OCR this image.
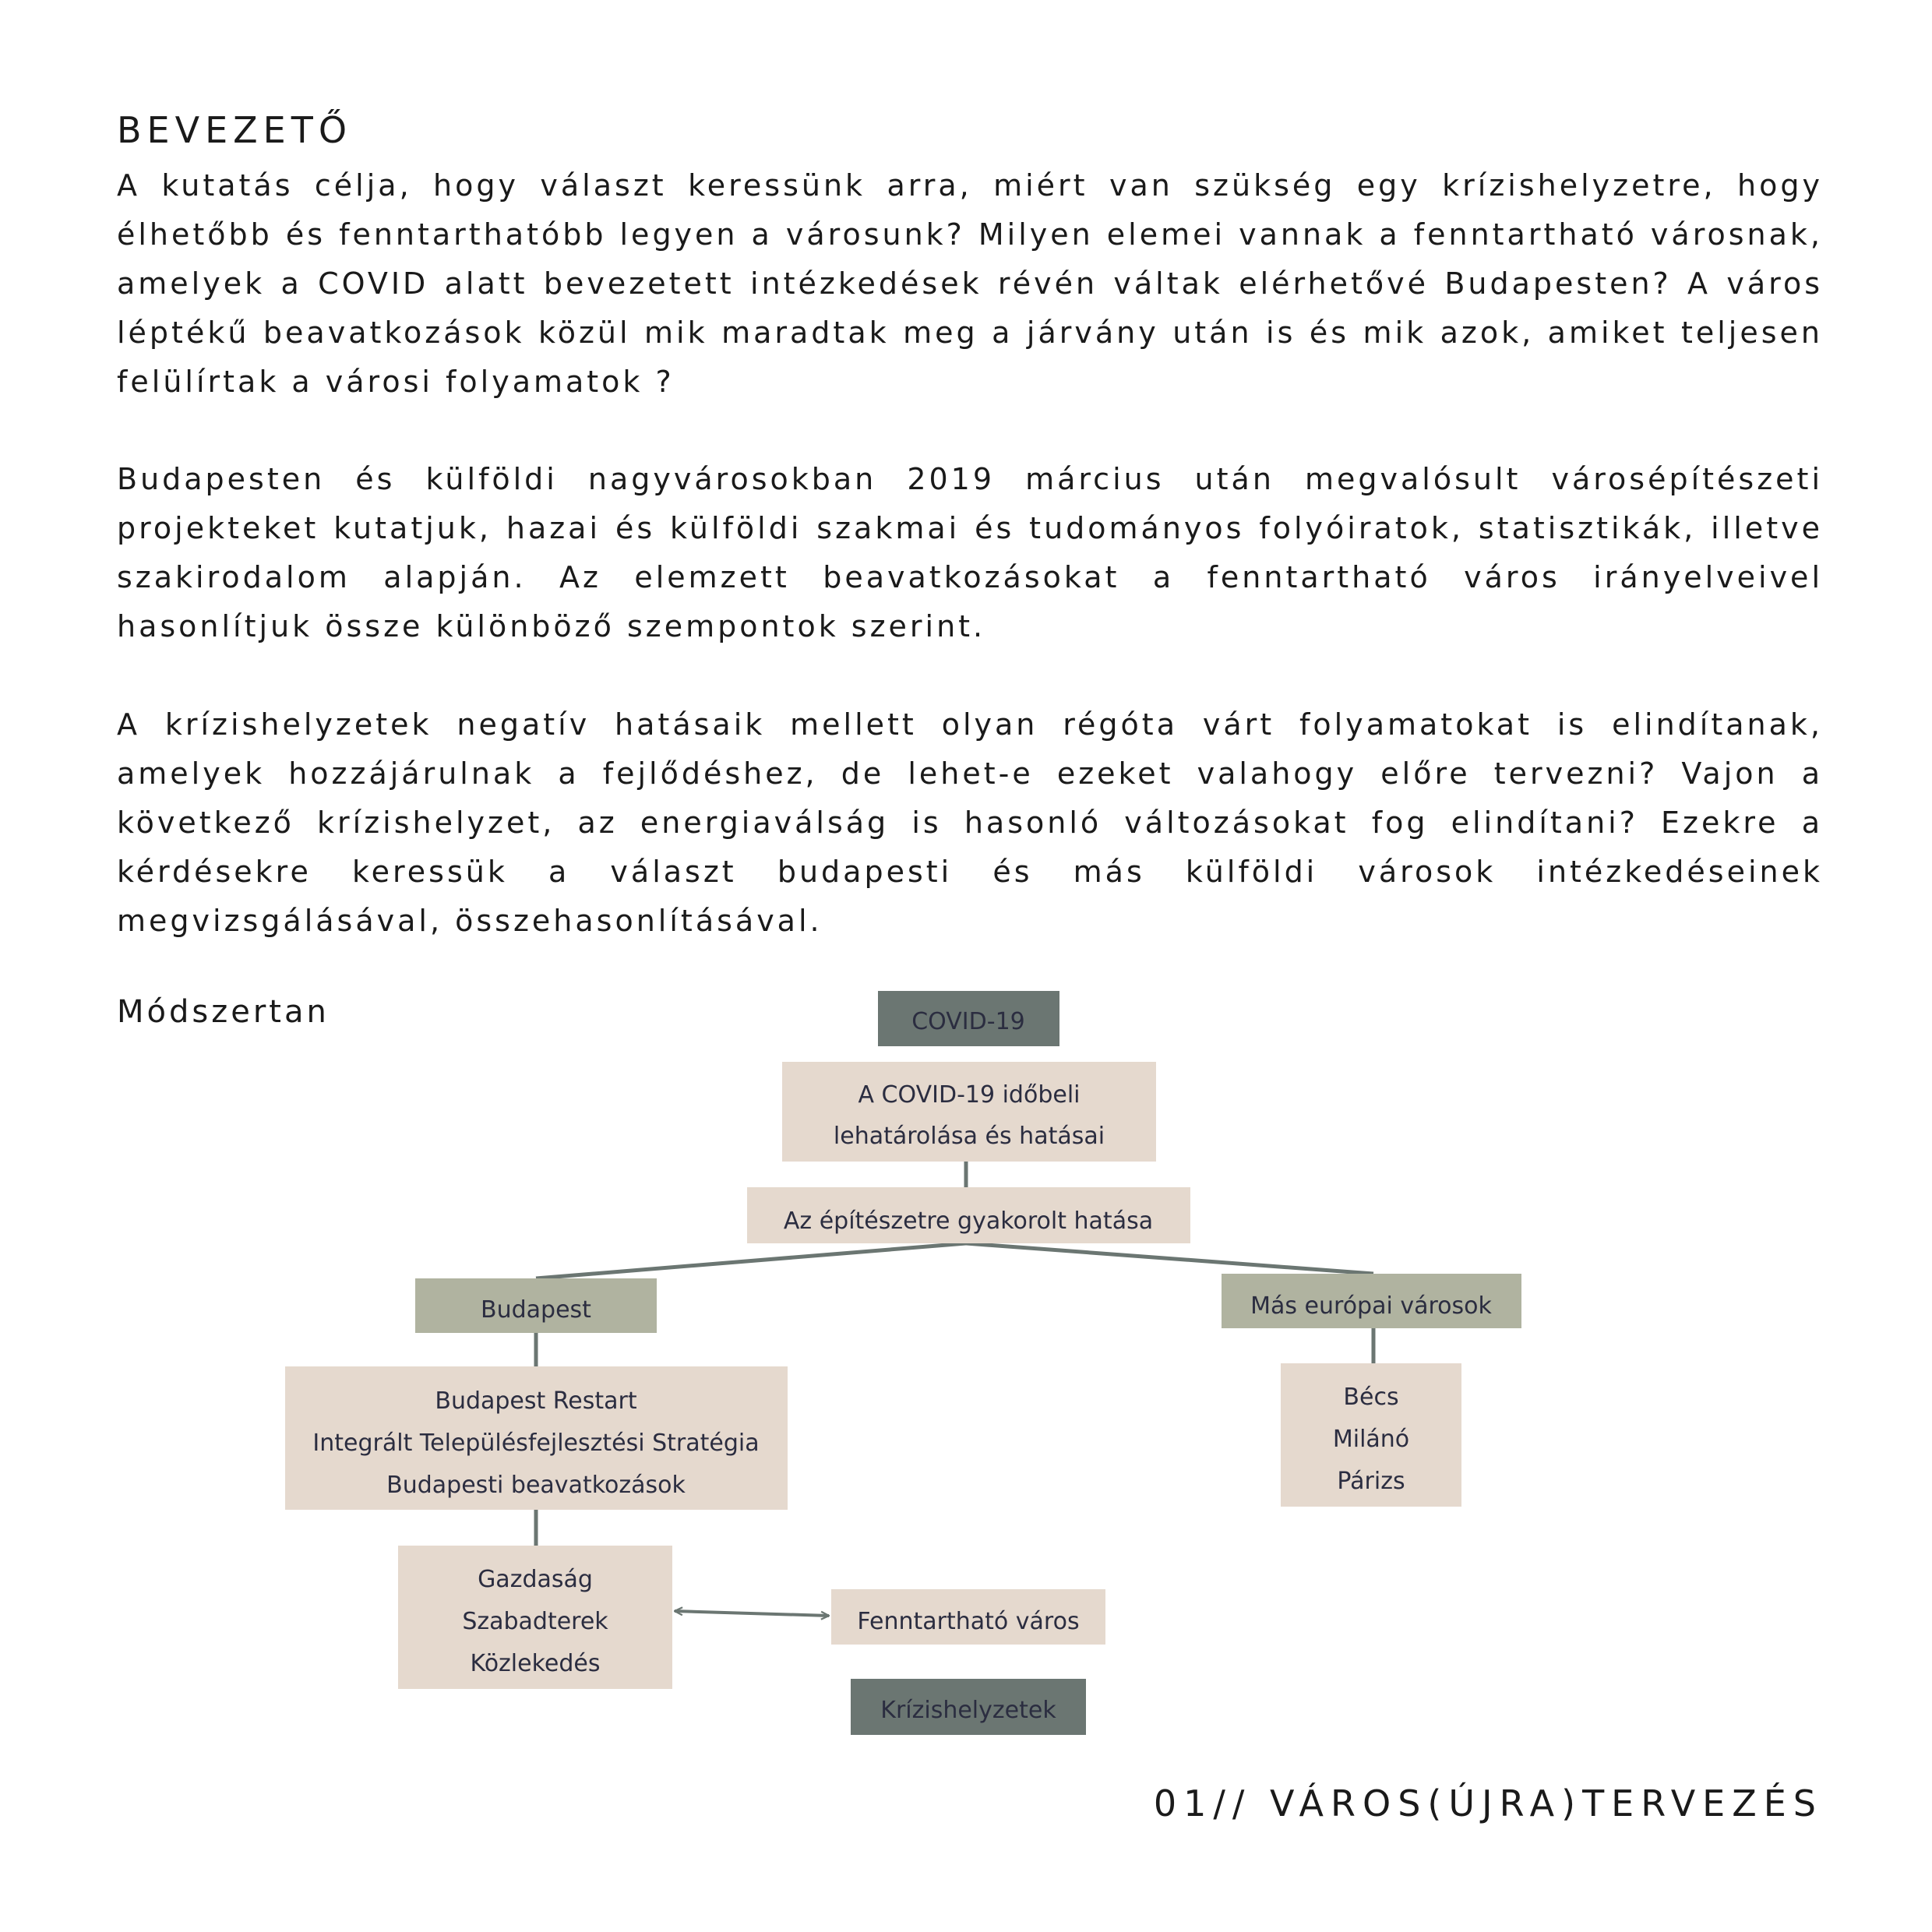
BEVEZETŐ

A kutatás célja, hogy választ keressünk arra, miért van szükség egy krízishelyzetre, hogy élhetőbb és fenntarthatóbb legyen a városunk? Milyen elemei vannak a fenntartható városnak, amelyek a COVID alatt bevezetett intézkedések révén váltak elérhetővé Budapesten? A város léptékű beavatkozások közül mik maradtak meg a járvány után is és mik azok, amiket teljesen felülírtak a városi folyamatok ?

Budapesten és külföldi nagyvárosokban 2019 március után megvalósult városépítészeti projekteket kutatjuk, hazai és külföldi szakmai és tudományos folyóiratok, statisztikák, illetve szakirodalom alapján. Az elemzett beavatkozásokat a fenntartható város irányelveivel hasonlítjuk össze különböző szempontok szerint.

A krízishelyzetek negatív hatásaik mellett olyan régóta várt folyamatokat is elindítanak, amelyek hozzájárulnak a fejlődéshez, de lehet-e ezeket valahogy előre tervezni? Vajon a következő krízishelyzet, az energiaválság is hasonló változásokat fog elindítani? Ezekre a kérdésekre keressük a választ budapesti és más külföldi városok intézkedéseinek megvizsgálásával, összehasonlításával.

Módszertan	COVID-19
A COVID-19 időbeli
lehatárolása és hatásai
Az építészetre gyakorolt hatása
Budapest	Más európai városok
Budapest Restart
Integrált Településfejlesztési Stratégia
Budapesti beavatkozások
Bécs
Milánó
Párizs
Gazdaság
Szabadterek
Közlekedés
Fenntartható város
Krízishelyzetek
01// VÁROS(ÚJRA)TERVEZÉS
